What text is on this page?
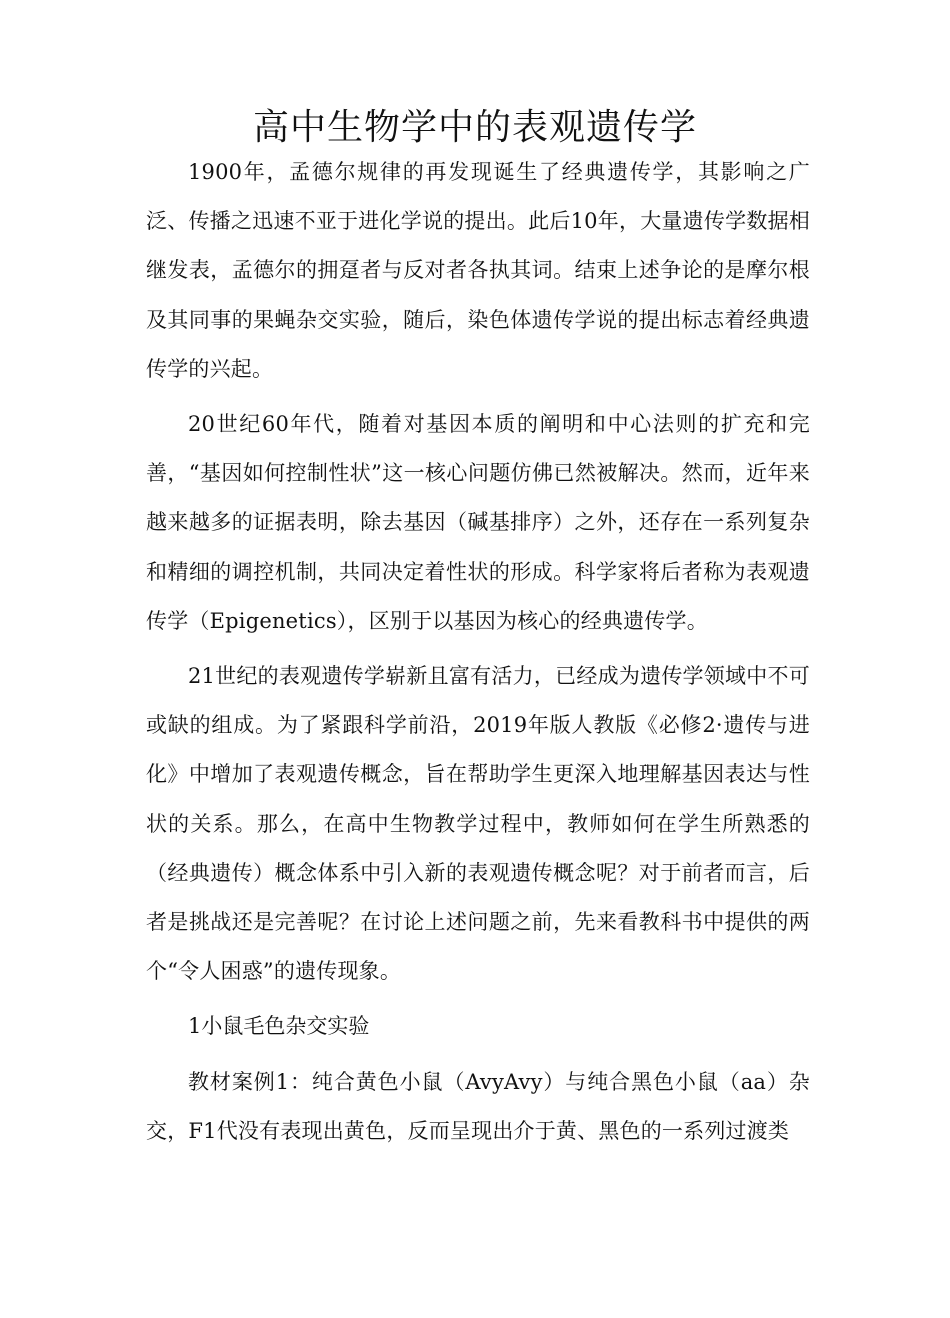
高中生物学中的表观遗传学

1900年，孟德尔规律的再发现诞生了经典遗传学，其影响之广泛、传播之迅速不亚于进化学说的提出。此后10年，大量遗传学数据相继发表，孟德尔的拥趸者与反对者各执其词。结束上述争论的是摩尔根及其同事的果蝇杂交实验，随后，染色体遗传学说的提出标志着经典遗传学的兴起。

20世纪60年代，随着对基因本质的阐明和中心法则的扩充和完善，“基因如何控制性状”这一核心问题仿佛已然被解决。然而，近年来越来越多的证据表明，除去基因（碱基排序）之外，还存在一系列复杂和精细的调控机制，共同决定着性状的形成。科学家将后者称为表观遗传学（Epigenetics），区别于以基因为核心的经典遗传学。

21世纪的表观遗传学崭新且富有活力，已经成为遗传学领域中不可或缺的组成。为了紧跟科学前沿，2019年版人教版《必修2·遗传与进化》中增加了表观遗传概念，旨在帮助学生更深入地理解基因表达与性状的关系。那么，在高中生物教学过程中，教师如何在学生所熟悉的（经典遗传）概念体系中引入新的表观遗传概念呢？对于前者而言，后者是挑战还是完善呢？在讨论上述问题之前，先来看教科书中提供的两个“令人困惑”的遗传现象。

1小鼠毛色杂交实验

教材案例1：纯合黄色小鼠（AvyAvy）与纯合黑色小鼠（aa）杂交，F1代没有表现出黄色，反而呈现出介于黄、黑色的一系列过渡类
